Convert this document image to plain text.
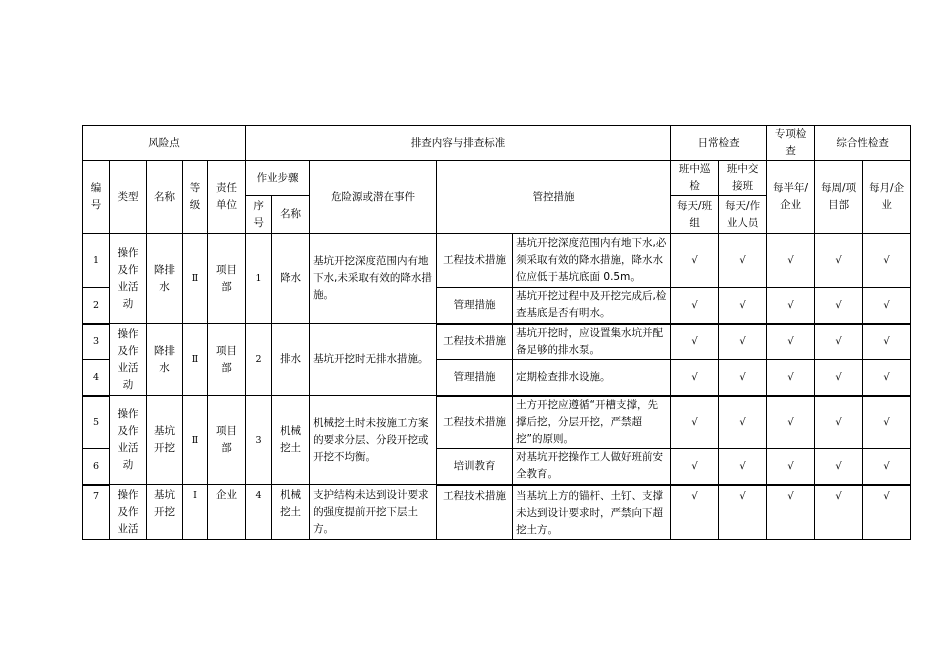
风险点					排查内容与排查标准					日常检查		专项检查	综合性检查	
编号	类型	名称	等级	责任单位	作业步骤		危险源或潜在事件	管控措施		班中巡检	班中交接班	每半年/企业	每周/项目部	每月/企业
					序号	名称				每天/班组	每天/作业人员			
1	操作及作业活动	降排水	Ⅱ	项目部	1	降水	基坑开挖深度范围内有地下水,未采取有效的降水措施。	工程技术措施	基坑开挖深度范围内有地下水,必须采取有效的降水措施，降水水位应低于基坑底面 0.5m。	√	√	√	√	√
2								管理措施	基坑开挖过程中及开挖完成后,检查基底是否有明水。	√	√	√	√	√
3	操作及作业活动	降排水	Ⅱ	项目部	2	排水	基坑开挖时无排水措施。	工程技术措施	基坑开挖时，应设置集水坑并配备足够的排水泵。	√	√	√	√	√
4								管理措施	定期检查排水设施。	√	√	√	√	√
5	操作及作业活动	基坑开挖	Ⅱ	项目部	3	机械挖土	机械挖土时未按施工方案的要求分层、分段开挖或开挖不均衡。	工程技术措施	土方开挖应遵循“开槽支撑，先撑后挖，分层开挖，严禁超挖”的原则。	√	√	√	√	√
6								培训教育	对基坑开挖操作工人做好班前安全教育。	√	√	√	√	√
7	操作及作业活	基坑开挖	Ⅰ	企业	4	机械挖土	支护结构未达到设计要求的强度提前开挖下层土方。	工程技术措施	当基坑上方的锚杆、土钉、支撑未达到设计要求时，严禁向下超挖土方。	√	√	√	√	√
